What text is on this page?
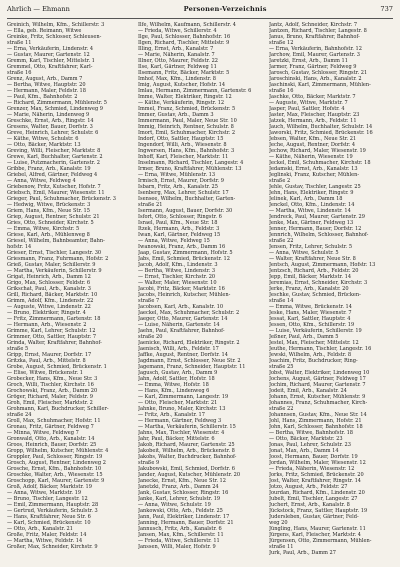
Ahrlich — Ehmann	Personen-Verzeichnis	737
Greinich, Wilhelm, Kfm., Schillerstr. 3
— Ella, geb. Reimann, Witwe
Greinke, Fritz, Schlosser, Schleusen-
straße 11
— Erna, Verkäuferin, Lindenstr. 4
— Gustav, Maurer, Gartenstr. 12
Gremm, Karl, Tischler, Mittelstr. 1
Gremmel, Otto, Kraftfahrer, Karl-
straße 16
Grenz, August, Arb., Damm 7
— Bertha, Witwe, Hauptstr. 20
— Hermann, Maler, Feldstr. 18
— Paul, Kfm., Bahnhofstr. 2
— Richard, Zimmermann, Mühlenstr. 5
Grenzer, Max, Schmied, Lindenweg 9
— Marie, Näherin, Lindenweg 9
Greschke, Ernst, Arb., Ringstr. 14
Gresens, Walter, Bauer, Dorfstr. 3
Greve, Heinrich, Lehrer, Schulstr. 6
— Käthe, Witwe, Schulstr. 6
— Otto, Bäcker, Marktstr. 13
Greving, Willi, Fleischer, Marktstr. 8
Grewe, Karl, Buchhalter, Gartenstr. 2
— Luise, Putzmacherin, Gartenstr. 2
Gribbe, Franz, Arb., Kanalstr. 19
Griebel, Alfred, Gärtner, Feldweg 4
— Anna, Witwe, Feldweg 4
Griebenow, Fritz, Kutscher, Hofstr. 7
Griebsch, Emil, Maurer, Wiesenstr. 11
Grieger, Paul, Schuhmacher, Brückenstr. 3
— Hedwig, Witwe, Brückenstr. 3
Griem, Hans, Kfm., Neue Str. 15
Griep, August, Rentner, Schulstr. 21
Gries, Otto, Schneider, Kirchstr. 5
— Emma, Witwe, Kirchstr. 5
Griese, Karl, Arb., Mühlenweg 8
Griesel, Wilhelm, Bahnbeamter, Bahn-
hofstr. 14
Grieser, Ernst, Tischler, Langestr. 30
Griesmann, Franz, Fuhrmann, Hofstr. 2
Grieß, Gustav, Maler, Schillerstr. 9
— Martha, Verkäuferin, Schillerstr. 9
Grigat, Heinrich, Arb., Damm 12
Grigo, Max, Schlosser, Feldstr. 6
Grikschat, Paul, Arb., Kanalstr. 3
Grill, Richard, Bäcker, Marktstr. 10
Grimm, Adolf, Kfm., Lindenstr. 22
— Auguste, Witwe, Lindenstr. 22
— Bruno, Elektriker, Ringstr. 4
— Fritz, Zimmermann, Gartenstr. 18
— Hermann, Arb., Wiesenstr. 2
Grimme, Karl, Lehrer, Schulstr. 12
Grimmer, Otto, Sattler, Hauptstr. 7
Grinda, Walter, Kraftfahrer, Bahnhof-
straße 5
Gripp, Ernst, Maurer, Dorfstr. 17
Gritzka, Paul, Arb., Mittelstr. 8
Grobe, August, Schmied, Brückenstr. 1
— Elise, Witwe, Brückenstr. 1
Grobecker, Hans, Kfm., Neue Str. 3
Groch, Willi, Tischler, Kirchstr. 16
Grochowski, Franz, Arb., Damm 20
Gröger, Richard, Maler, Feldstr. 9
Groh, Emil, Fleischer, Marktstr. 2
Grohmann, Karl, Buchdrucker, Schiller-
straße 24
Groll, Max, Schuhmacher, Hofstr. 11
Gronau, Fritz, Gärtner, Feldweg 7
— Minna, Witwe, Feldweg 7
Gronwald, Otto, Arb., Kanalstr. 14
Groos, Heinrich, Bauer, Dorfstr. 25
Gropp, Wilhelm, Kutscher, Mühlenstr. 4
Groppler, Paul, Schlosser, Ringstr. 19
Grosch, August, Rentner, Lindenweg 2
Grosche, Ernst, Kfm., Bahnhofstr. 10
Groschke, Walter, Arb., Wiesenstr. 15
Groschopp, Karl, Maurer, Gartenstr. 9
Groß, Adolf, Bäcker, Marktstr. 19
— Anna, Witwe, Marktstr. 19
— Bruno, Tischler, Langestr. 12
— Emil, Zimmermann, Hauptstr. 28
— Gertrud, Verkäuferin, Schulstr. 3
— Hans, Kraftfahrer, Neue Str. 6
— Karl, Schmied, Brückenstr. 10
— Otto, Arb., Kanalstr. 21
Große, Fritz, Maler, Feldstr. 14
— Martha, Witwe, Feldstr. 14
Großer, Max, Schneider, Kirchstr. 9
Ilfe, Wilhelm, Kaufmann, Schillerstr. 4
— Frieda, Witwe, Schillerstr. 4
Ilge, Paul, Schlosser, Bahnhofstr. 16
Ilgen, Richard, Tischler, Mittelstr. 9
Illing, Ernst, Arb., Kanalstr. 7
— Marie, Näherin, Kanalstr. 7
Illner, Otto, Maurer, Feldstr. 22
Ilse, Karl, Gärtner, Feldweg 11
Ilsemann, Fritz, Bäcker, Marktstr. 5
Imhof, Max, Kfm., Lindenstr. 8
Imig, August, Kutscher, Hofstr. 14
Imlau, Hermann, Zimmermann, Gartenstr. 6
Imme, Walter, Elektriker, Ringstr. 12
— Käthe, Verkäuferin, Ringstr. 12
Immel, Franz, Schmied, Brückenstr. 5
Immer, Gustav, Arb., Damm 3
Immermann, Paul, Maler, Neue Str. 10
Immig, Heinrich, Rentner, Schulstr. 8
Imort, Emil, Schuhmacher, Kirchstr. 2
Indorf, Otto, Sattler, Hauptstr. 15
Ingendorf, Willi, Arb., Wiesenstr. 8
Ingwersen, Hans, Kfm., Bahnhofstr. 3
Inhoff, Karl, Fleischer, Marktstr. 11
Inselmann, Richard, Tischler, Langestr. 4
Irmer, Bruno, Kraftfahrer, Mühlenstr. 13
— Erna, Witwe, Mühlenstr. 13
Irmisch, Ernst, Maurer, Dorfstr. 9
Isbarn, Fritz, Arb., Kanalstr. 25
Isenberg, Max, Lehrer, Schulstr. 17
Isensee, Wilhelm, Buchhalter, Garten-
straße 21
Isermann, August, Bauer, Dorfstr. 30
Isfort, Otto, Schlosser, Ringstr. 6
Israel, Paul, Kfm., Neue Str. 18
Itzek, Hermann, Arb., Feldstr. 3
Iwan, Karl, Gärtner, Feldweg 15
— Anna, Witwe, Feldweg 15
Iwanowski, Franz, Arb., Damm 16
Jaap, Gustav, Zimmermann, Hofstr. 5
Jabs, Emil, Schmied, Brückenstr. 12
Jacob, Adolf, Kfm., Lindenstr. 3
— Bertha, Witwe, Lindenstr. 3
— Ernst, Tischler, Kirchstr. 20
— Walter, Maler, Wiesenstr. 10
Jacobi, Fritz, Bäcker, Marktstr. 16
Jacobs, Heinrich, Kutscher, Mühlen-
straße 7
Jacobsen, Karl, Arb., Kanalstr. 10
Jaeckel, Max, Schuhmacher, Schulstr. 2
Jaeger, Otto, Maurer, Gartenstr. 14
— Luise, Näherin, Gartenstr. 14
Jaehn, Paul, Kraftfahrer, Bahnhof-
straße 20
Jaenicke, Richard, Elektriker, Ringstr. 2
Jaenisch, Willi, Arb., Feldstr. 17
Jaffke, August, Rentner, Dorfstr. 14
Jagdmann, Ernst, Schlosser, Neue Str. 2
Jagemann, Franz, Schneider, Hauptstr. 11
Jagusch, Gustav, Arb., Damm 9
Jahn, Adolf, Sattler, Hofstr. 18
— Emma, Witwe, Hofstr. 18
— Hans, Kfm., Lindenweg 6
— Karl, Zimmermann, Langestr. 19
— Otto, Fleischer, Marktstr. 21
Jahnke, Bruno, Maler, Kirchstr. 13
— Fritz, Arb., Kanalstr. 17
— Hermann, Gärtner, Feldweg 3
— Martha, Verkäuferin, Schillerstr. 15
Jahns, Max, Tischler, Wiesenstr. 4
Jahr, Paul, Bäcker, Mittelstr. 6
Jakob, Richard, Maurer, Gartenstr. 25
Jakobeit, Wilhelm, Arb., Brückenstr. 8
Jakobs, Walter, Buchdrucker, Bahnhof-
straße 9
Jakubowski, Emil, Schmied, Dorfstr. 6
Jander, August, Kutscher, Mühlenstr. 20
Janecke, Ernst, Kfm., Neue Str. 12
Janetzki, Franz, Arb., Damm 24
Jank, Gustav, Schlosser, Ringstr. 16
Janke, Karl, Lehrer, Schulstr. 19
— Anna, Witwe, Schulstr. 19
Jankowski, Otto, Arb., Feldstr. 25
Jann, Paul, Elektriker, Lindenstr. 17
Janning, Hermann, Bauer, Dorfstr. 21
Jannusch, Fritz, Arb., Kanalstr. 6
Jansen, Max, Kfm., Schillerstr. 11
— Frieda, Witwe, Schillerstr. 11
Janssen, Willi, Maler, Hofstr. 9
Jantz, Adolf, Schneider, Kirchstr. 7
Jantzen, Richard, Tischler, Langestr. 8
Janus, Bruno, Kraftfahrer, Bahnhof-
straße 12
— Erna, Verkäuferin, Bahnhofstr. 12
Jarchow, Emil, Maurer, Gartenstr. 3
Jaretzki, Ernst, Arb., Damm 11
Jarmer, Franz, Gärtner, Feldweg 9
Jarosch, Gustav, Schlosser, Ringstr. 21
Jaroschinski, Hans, Arb., Kanalstr. 2
Jaschinski, Karl, Zimmermann, Mühlen-
straße 16
Jaschke, Otto, Bäcker, Marktstr. 7
— Auguste, Witwe, Marktstr. 7
Jasper, Paul, Sattler, Hofstr. 4
Jaster, Max, Fleischer, Hauptstr. 23
Jatzek, Hermann, Arb., Feldstr. 11
Jauch, Wilhelm, Buchhalter, Schulstr. 14
Jaworski, Fritz, Schmied, Brückenstr. 16
Jebsen, Walter, Kfm., Neue Str. 21
Jeche, August, Rentner, Dorfstr. 4
Jechow, Richard, Maler, Wiesenstr. 19
— Käthe, Näherin, Wiesenstr. 19
Jeckel, Emil, Schuhmacher, Kirchstr. 18
Jedamski, Ernst, Arb., Kanalstr. 13
Jeglinski, Franz, Kutscher, Mühlen-
straße 2
Jehle, Gustav, Tischler, Langestr. 25
Jehn, Hans, Elektriker, Ringstr. 9
Jelinek, Karl, Arb., Damm 18
Jenckel, Otto, Kfm., Lindenstr. 14
— Martha, Witwe, Lindenstr. 14
Jendreck, Paul, Maurer, Gartenstr. 29
Jenke, Max, Gärtner, Feldweg 13
Jenner, Hermann, Bauer, Dorfstr. 12
Jennrich, Wilhelm, Schlosser, Bahnhof-
straße 22
Jensen, Fritz, Lehrer, Schulstr. 5
— Anna, Witwe, Schulstr. 5
— Walter, Kraftfahrer, Neue Str. 8
Jentsch, August, Zimmermann, Hofstr. 13
Jentzsch, Richard, Arb., Feldstr. 20
Jepp, Emil, Bäcker, Marktstr. 14
Jeremias, Ernst, Schneider, Kirchstr. 3
Jerke, Franz, Arb., Kanalstr. 20
Jeschke, Gustav, Schmied, Brücken-
straße 14
— Emma, Witwe, Brückenstr. 14
Jeske, Hans, Maler, Wiesenstr. 7
Jessat, Karl, Sattler, Hauptstr. 4
Jessen, Otto, Kfm., Schillerstr. 19
— Luise, Verkäuferin, Schillerstr. 19
Jeßner, Paul, Arb., Damm 5
Jestel, Max, Fleischer, Mittelstr. 12
Jeuthe, Hermann, Tischler, Langestr. 16
Jewski, Wilhelm, Arb., Feldstr. 8
Joachim, Fritz, Buchdrucker, Ring-
straße 25
Jobst, Walter, Elektriker, Lindenweg 10
Jochens, August, Gärtner, Feldweg 17
Jochim, Richard, Maurer, Gartenstr. 7
Jodeit, Emil, Arb., Kanalstr. 24
Johann, Ernst, Kutscher, Mühlenstr. 9
Johannes, Franz, Schuhmacher, Kirch-
straße 22
Johannsen, Gustav, Kfm., Neue Str. 14
Johl, Hans, Zimmermann, Hofstr. 21
John, Karl, Schlosser, Bahnhofstr. 18
— Bertha, Witwe, Bahnhofstr. 18
— Otto, Bäcker, Marktstr. 23
Jonas, Paul, Lehrer, Schulstr. 23
Jonat, Max, Arb., Damm 14
Joost, Hermann, Bauer, Dorfstr. 19
Jordan, Wilhelm, Maler, Wiesenstr. 12
— Frieda, Näherin, Wiesenstr. 12
Jorks, Fritz, Schmied, Brückenstr. 20
Jost, Walter, Kraftfahrer, Ringstr. 14
Jotzo, August, Arb., Feldstr. 27
Jourdan, Richard, Kfm., Lindenstr. 20
Jubelt, Emil, Tischler, Langestr. 27
Juchert, Ernst, Arb., Kanalstr. 8
Jückstock, Franz, Sattler, Hauptstr. 19
Judersleben, Gustav, Gärtner, Feld-
weg 20
Jüngling, Hans, Maurer, Gartenstr. 11
Jürgens, Karl, Fleischer, Marktstr. 4
Jürgensen, Otto, Zimmermann, Mühlen-
straße 11
Jurk, Paul, Arb., Damm 27
